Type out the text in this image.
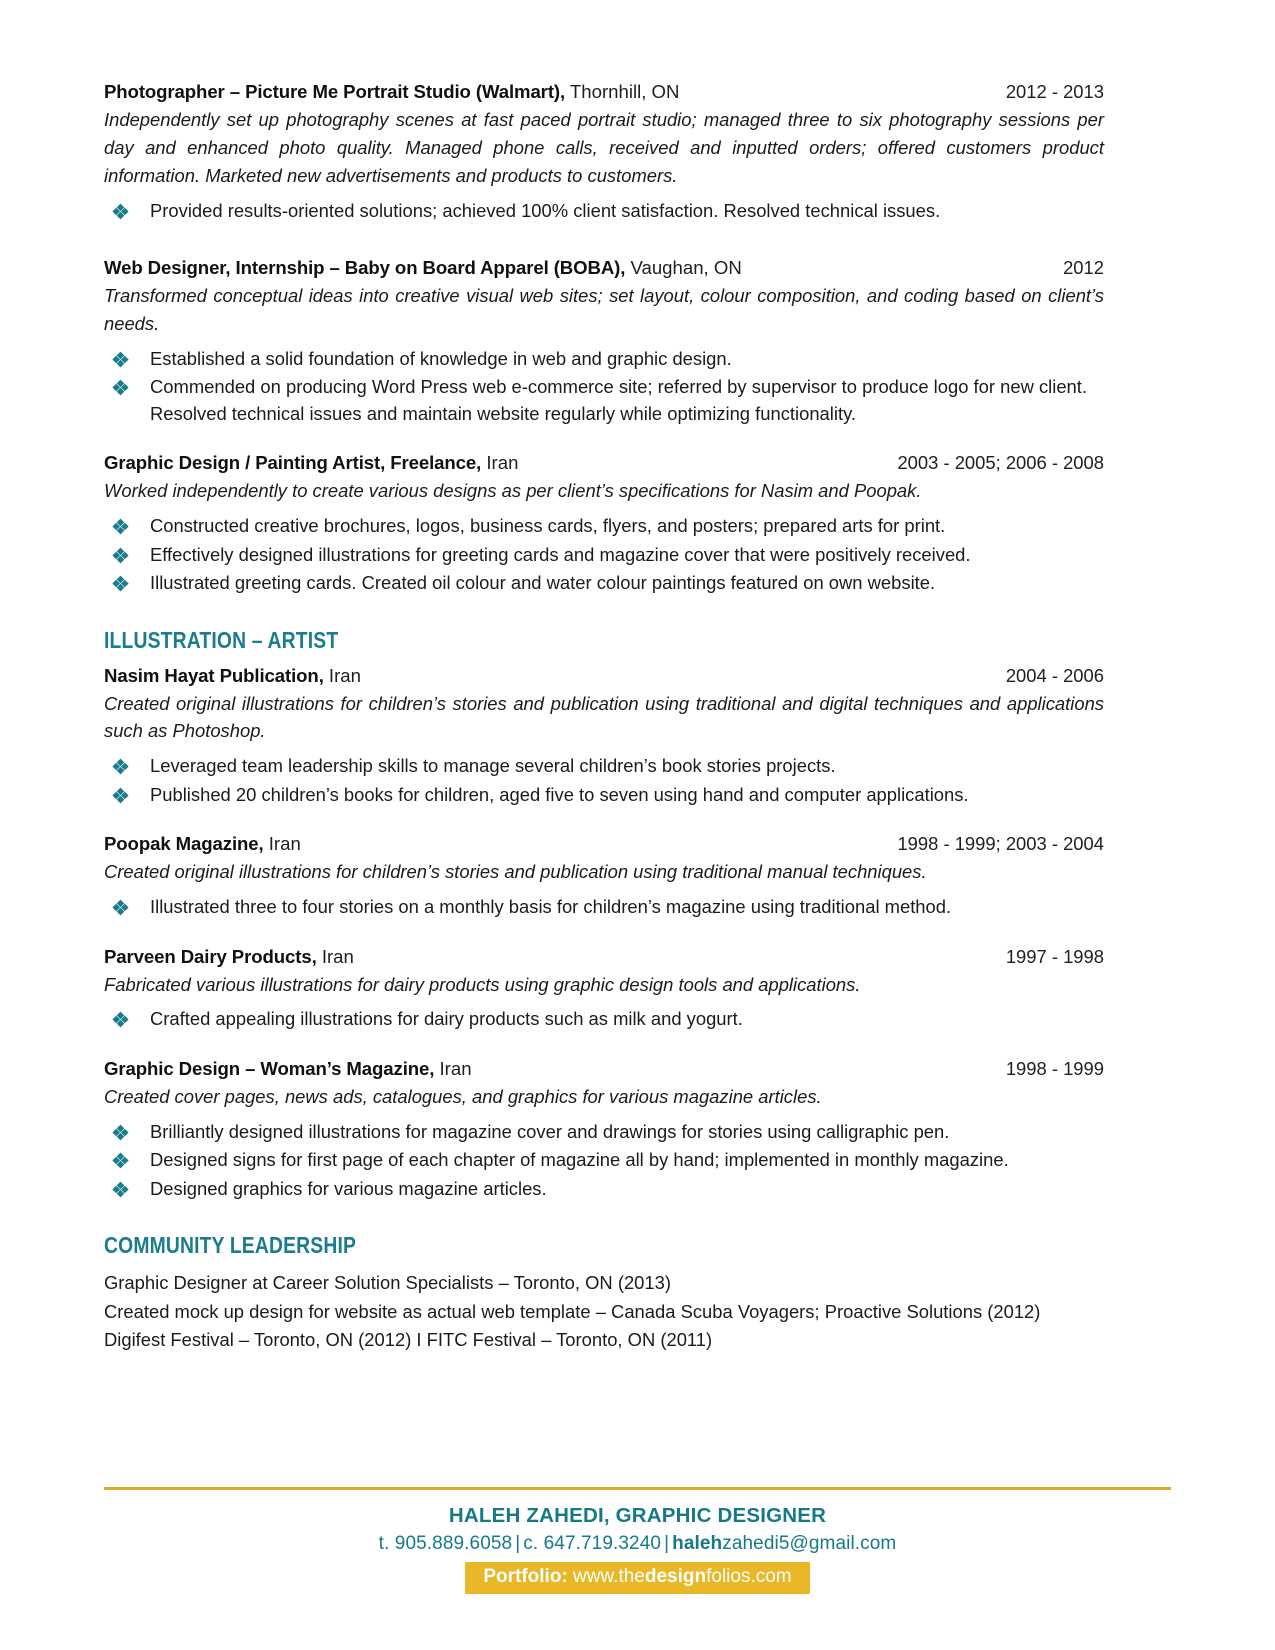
Photographer – Picture Me Portrait Studio (Walmart), Thornhill, ON	2012 - 2013

Independently set up photography scenes at fast paced portrait studio; managed three to six photography sessions per day and enhanced photo quality. Managed phone calls, received and inputted orders; offered customers product information. Marketed new advertisements and products to customers.

Provided results-oriented solutions; achieved 100% client satisfaction. Resolved technical issues.
Web Designer, Internship – Baby on Board Apparel (BOBA), Vaughan, ON	2012

Transformed conceptual ideas into creative visual web sites; set layout, colour composition, and coding based on client’s needs.

Established a solid foundation of knowledge in web and graphic design.
Commended on producing Word Press web e-commerce site; referred by supervisor to produce logo for new client. Resolved technical issues and maintain website regularly while optimizing functionality.
Graphic Design / Painting Artist, Freelance, Iran	2003 - 2005; 2006 - 2008

Worked independently to create various designs as per client’s specifications for Nasim and Poopak.

Constructed creative brochures, logos, business cards, flyers, and posters; prepared arts for print.
Effectively designed illustrations for greeting cards and magazine cover that were positively received.
Illustrated greeting cards. Created oil colour and water colour paintings featured on own website.
ILLUSTRATION – ARTIST
Nasim Hayat Publication, Iran	2004 - 2006

Created original illustrations for children’s stories and publication using traditional and digital techniques and applications such as Photoshop.

Leveraged team leadership skills to manage several children’s book stories projects.
Published 20 children’s books for children, aged five to seven using hand and computer applications.
Poopak Magazine, Iran	1998 - 1999; 2003 - 2004

Created original illustrations for children’s stories and publication using traditional manual techniques.

Illustrated three to four stories on a monthly basis for children’s magazine using traditional method.
Parveen Dairy Products, Iran	1997 - 1998

Fabricated various illustrations for dairy products using graphic design tools and applications.

Crafted appealing illustrations for dairy products such as milk and yogurt.
Graphic Design – Woman’s Magazine, Iran	1998 - 1999

Created cover pages, news ads, catalogues, and graphics for various magazine articles.

Brilliantly designed illustrations for magazine cover and drawings for stories using calligraphic pen.
Designed signs for first page of each chapter of magazine all by hand; implemented in monthly magazine.
Designed graphics for various magazine articles.
COMMUNITY LEADERSHIP
Graphic Designer at Career Solution Specialists – Toronto, ON (2013)
Created mock up design for website as actual web template – Canada Scuba Voyagers; Proactive Solutions (2012)
Digifest Festival – Toronto, ON (2012) I FITC Festival – Toronto, ON (2011)
HALEH ZAHEDI, GRAPHIC DESIGNER
t. 905.889.6058 | c. 647.719.3240 | halehzahedi5@gmail.com
Portfolio: www.thedesignfolios.com
